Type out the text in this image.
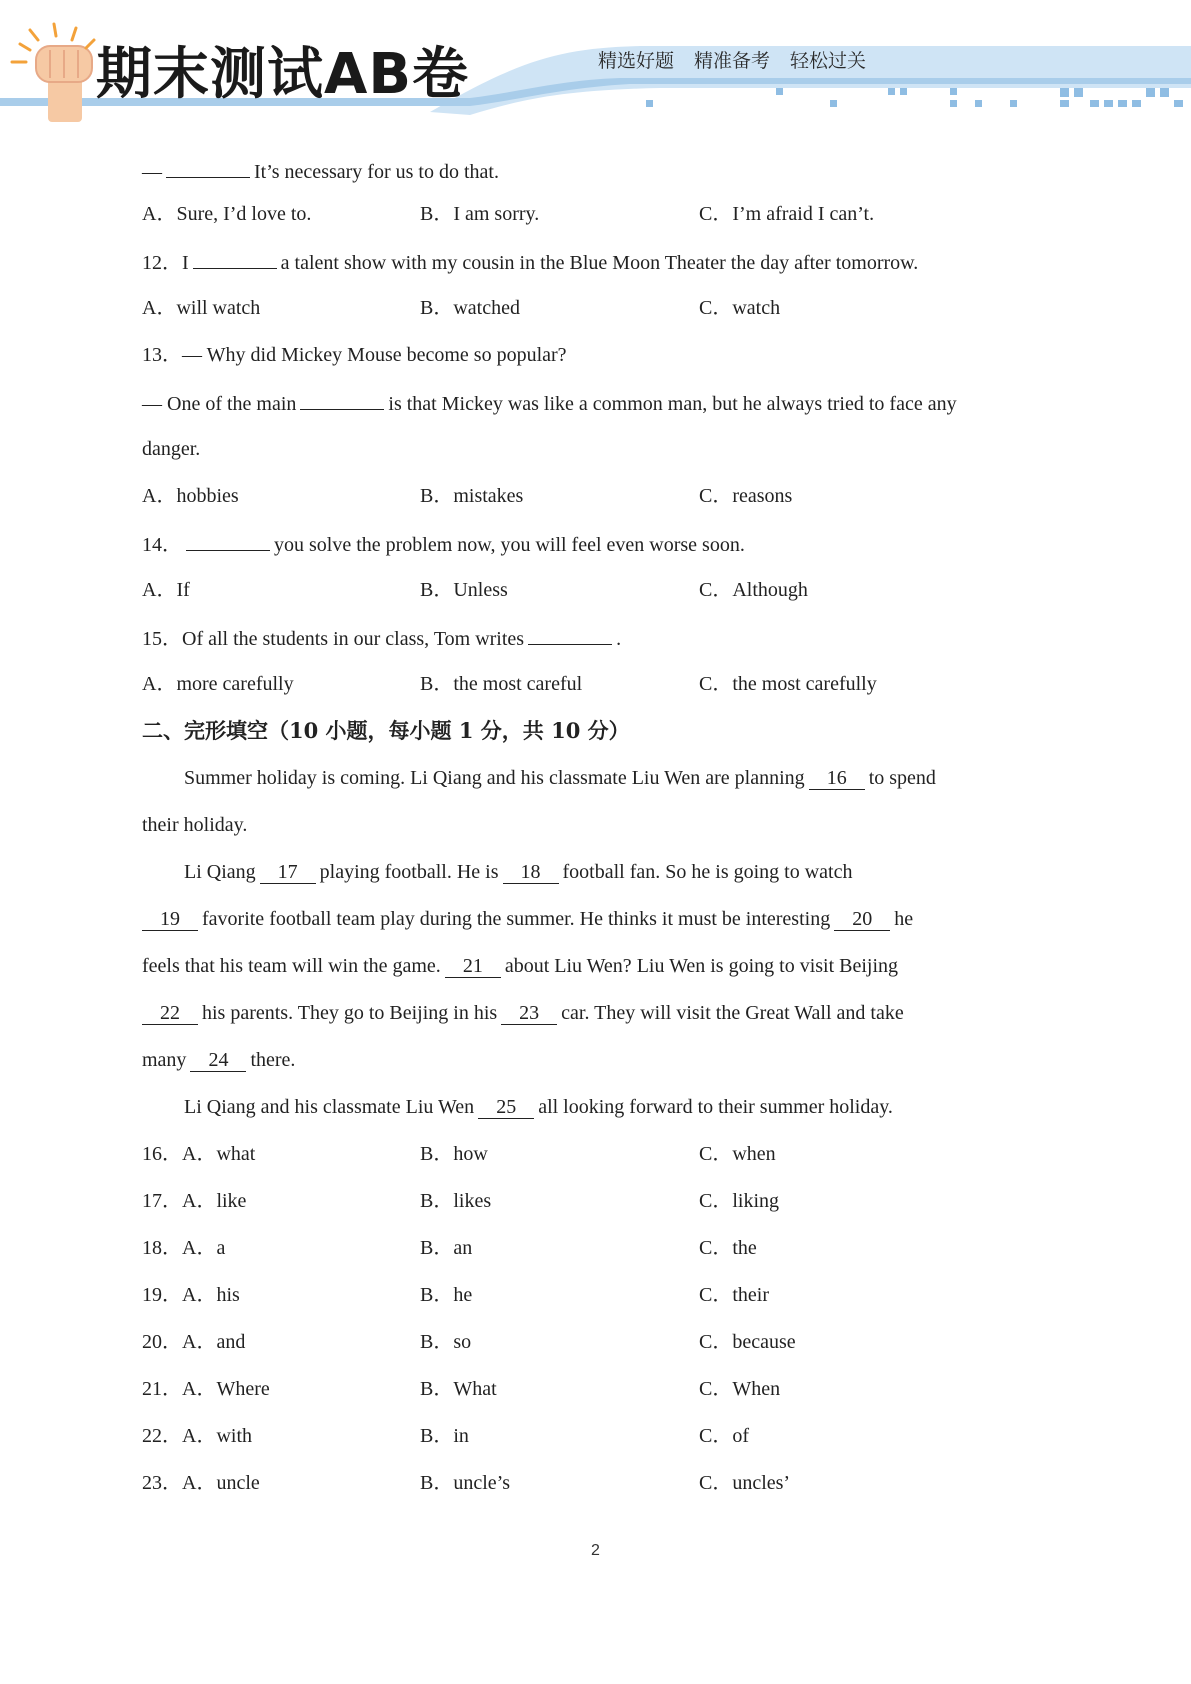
期末测试AB卷	精选好题 精准备考 轻松过关
—	It’s necessary for us to do that.
A．Sure, I’d love to.	B．I am sorry.	C．I’m afraid I can’t.
12．I	a talent show with my cousin in the Blue Moon Theater the day after tomorrow.
A．will watch	B．watched	C．watch
13．— Why did Mickey Mouse become so popular?
— One of the main	is that Mickey was like a common man, but he always tried to face any
danger.
A．hobbies	B．mistakes	C．reasons
14．	you solve the problem now, you will feel even worse soon.
A．If	B．Unless	C．Although
15．Of all the students in our class, Tom writes	.
A．more carefully	B．the most careful	C．the most carefully
二、完形填空（10 小题，每小题 1 分，共 10 分）
Summer holiday is coming. Li Qiang and his classmate Liu Wen are planning 16 to spend
their holiday.
Li Qiang 17 playing football. He is 18 football fan. So he is going to watch
19 favorite football team play during the summer. He thinks it must be interesting 20 he
feels that his team will win the game. 21 about Liu Wen? Liu Wen is going to visit Beijing
22 his parents. They go to Beijing in his 23 car. They will visit the Great Wall and take
many 24 there.
Li Qiang and his classmate Liu Wen 25 all looking forward to their summer holiday.
16．A．what	B．how	C．when
17．A．like	B．likes	C．liking
18．A．a	B．an	C．the
19．A．his	B．he	C．their
20．A．and	B．so	C．because
21．A．Where	B．What	C．When
22．A．with	B．in	C．of
23．A．uncle	B．uncle’s	C．uncles’
2
